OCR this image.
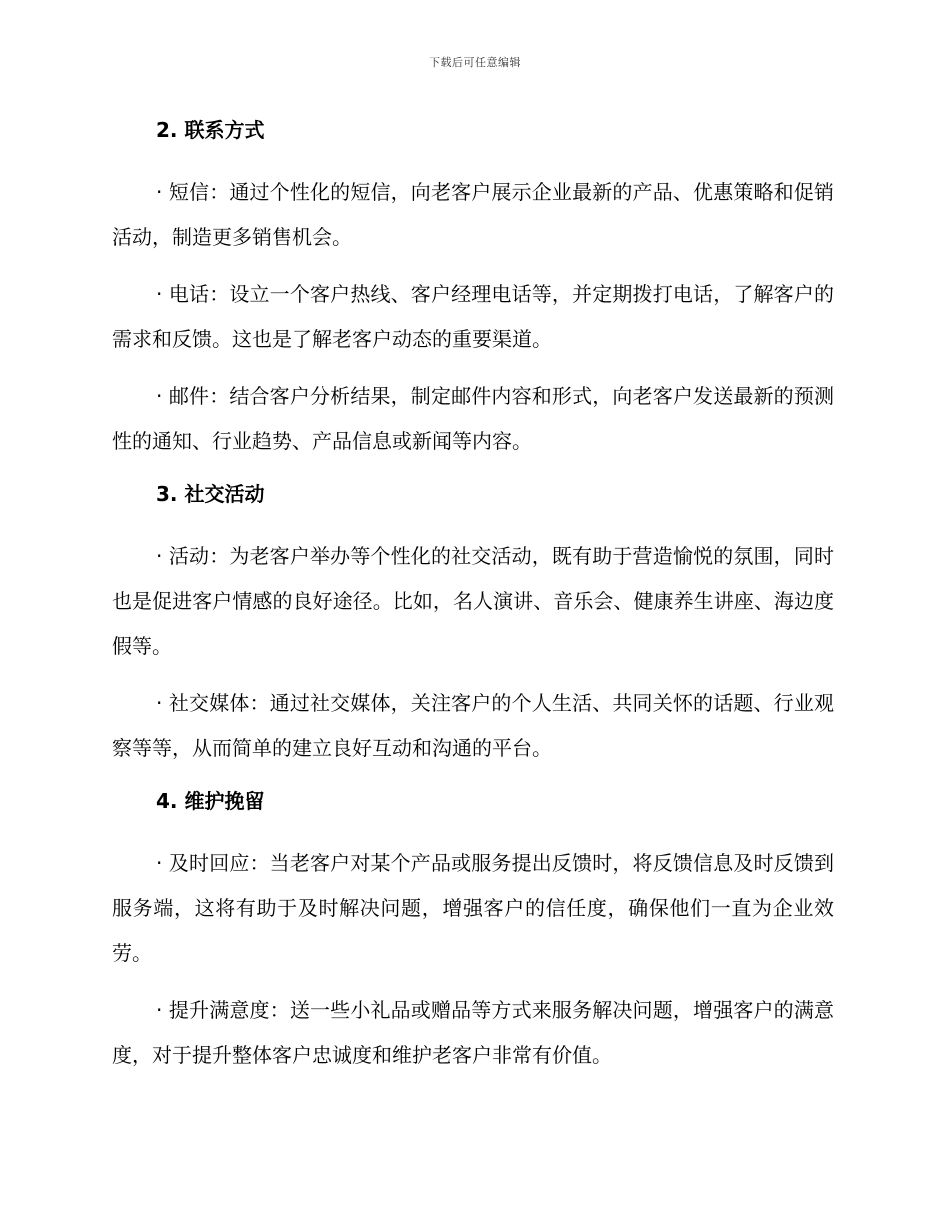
下载后可任意编辑
2. 联系方式

· 短信：通过个性化的短信，向老客户展示企业最新的产品、优惠策略和促销活动，制造更多销售机会。

· 电话：设立一个客户热线、客户经理电话等，并定期拨打电话，了解客户的需求和反馈。这也是了解老客户动态的重要渠道。

· 邮件：结合客户分析结果，制定邮件内容和形式，向老客户发送最新的预测性的通知、行业趋势、产品信息或新闻等内容。

3. 社交活动

· 活动：为老客户举办等个性化的社交活动，既有助于营造愉悦的氛围，同时也是促进客户情感的良好途径。比如，名人演讲、音乐会、健康养生讲座、海边度假等。

· 社交媒体：通过社交媒体，关注客户的个人生活、共同关怀的话题、行业观察等等，从而简单的建立良好互动和沟通的平台。

4. 维护挽留

· 及时回应：当老客户对某个产品或服务提出反馈时，将反馈信息及时反馈到服务端，这将有助于及时解决问题，增强客户的信任度，确保他们一直为企业效劳。

· 提升满意度：送一些小礼品或赠品等方式来服务解决问题，增强客户的满意度，对于提升整体客户忠诚度和维护老客户非常有价值。
